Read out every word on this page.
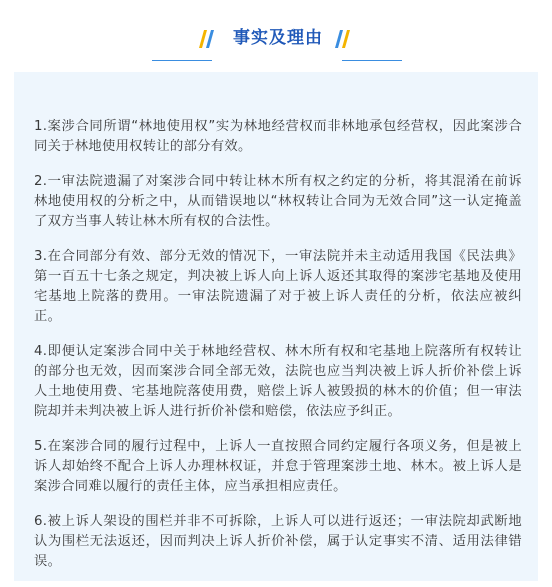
事实及理由

1.案涉合同所谓“林地使用权”实为林地经营权而非林地承包经营权，因此案涉合同关于林地使用权转让的部分有效。

2.一审法院遗漏了对案涉合同中转让林木所有权之约定的分析，将其混淆在前诉林地使用权的分析之中，从而错误地以“林权转让合同为无效合同”这一认定掩盖了双方当事人转让林木所有权的合法性。

3.在合同部分有效、部分无效的情况下，一审法院并未主动适用我国《民法典》第一百五十七条之规定，判决被上诉人向上诉人返还其取得的案涉宅基地及使用宅基地上院落的费用。一审法院遗漏了对于被上诉人责任的分析，依法应被纠正。

4.即便认定案涉合同中关于林地经营权、林木所有权和宅基地上院落所有权转让的部分也无效，因而案涉合同全部无效，法院也应当判决被上诉人折价补偿上诉人土地使用费、宅基地院落使用费，赔偿上诉人被毁损的林木的价值；但一审法院却并未判决被上诉人进行折价补偿和赔偿，依法应予纠正。

5.在案涉合同的履行过程中，上诉人一直按照合同约定履行各项义务，但是被上诉人却始终不配合上诉人办理林权证，并怠于管理案涉土地、林木。被上诉人是案涉合同难以履行的责任主体，应当承担相应责任。

6.被上诉人架设的围栏并非不可拆除，上诉人可以进行返还；一审法院却武断地认为围栏无法返还，因而判决上诉人折价补偿，属于认定事实不清、适用法律错误。
